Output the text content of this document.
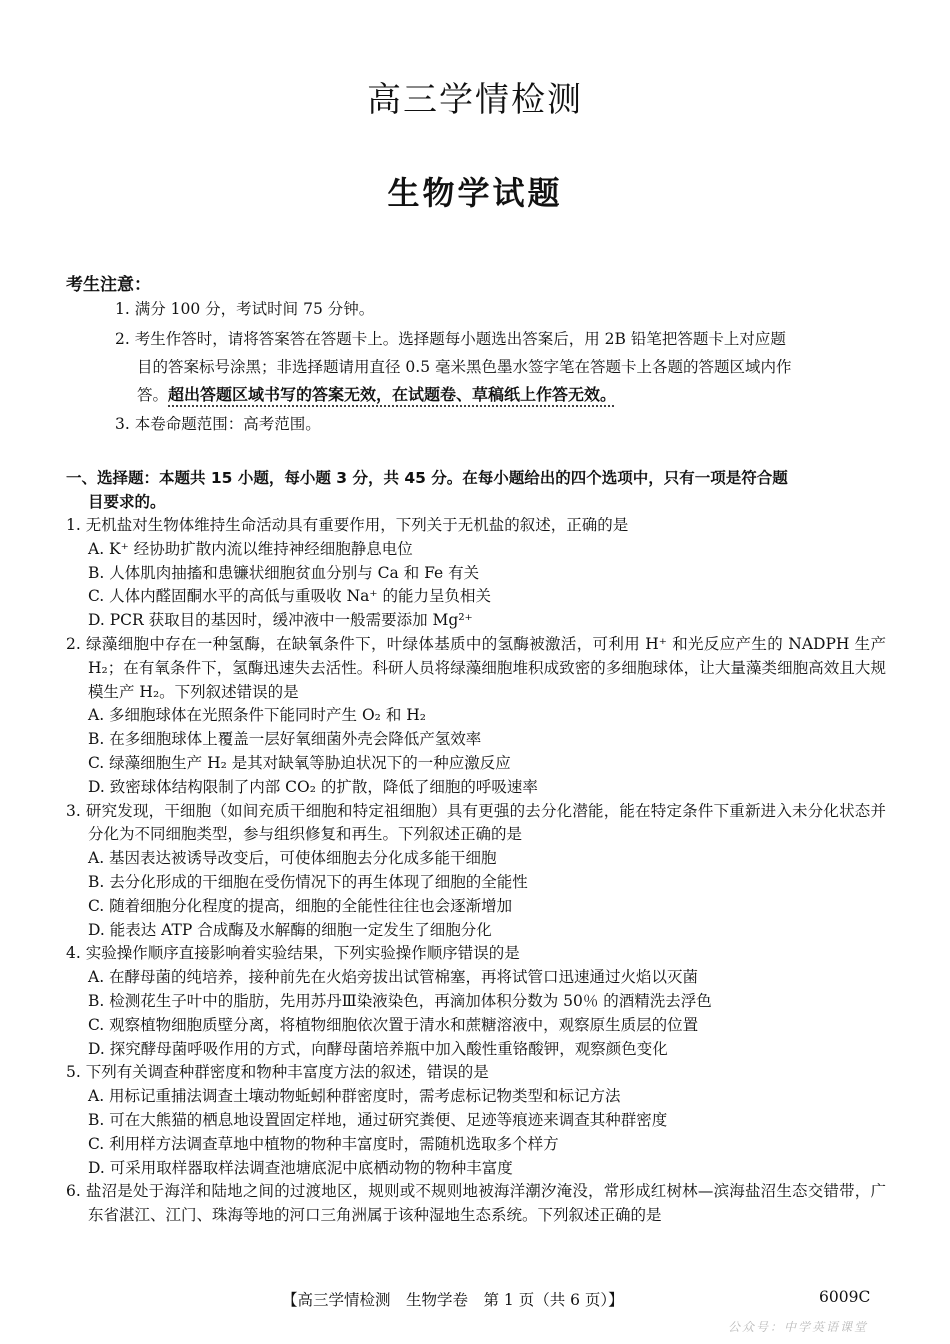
高三学情检测
生物学试题
考生注意：
1. 满分 100 分，考试时间 75 分钟。
2. 考生作答时，请将答案答在答题卡上。选择题每小题选出答案后，用 2B 铅笔把答题卡上对应题
目的答案标号涂黑；非选择题请用直径 0.5 毫米黑色墨水签字笔在答题卡上各题的答题区域内作
答。超出答题区域书写的答案无效，在试题卷、草稿纸上作答无效。
3. 本卷命题范围：高考范围。
一、选择题：本题共 15 小题，每小题 3 分，共 45 分。在每小题给出的四个选项中，只有一项是符合题
目要求的。
1. 无机盐对生物体维持生命活动具有重要作用，下列关于无机盐的叙述，正确的是
A. K⁺ 经协助扩散内流以维持神经细胞静息电位
B. 人体肌肉抽搐和患镰状细胞贫血分别与 Ca 和 Fe 有关
C. 人体内醛固酮水平的高低与重吸收 Na⁺ 的能力呈负相关
D. PCR 获取目的基因时，缓冲液中一般需要添加 Mg²⁺
2. 绿藻细胞中存在一种氢酶，在缺氧条件下，叶绿体基质中的氢酶被激活，可利用 H⁺ 和光反应产生的 NADPH 生产 H₂；在有氧条件下，氢酶迅速失去活性。科研人员将绿藻细胞堆积成致密的多细胞球体，让大量藻类细胞高效且大规模生产 H₂。下列叙述错误的是
A. 多细胞球体在光照条件下能同时产生 O₂ 和 H₂
B. 在多细胞球体上覆盖一层好氧细菌外壳会降低产氢效率
C. 绿藻细胞生产 H₂ 是其对缺氧等胁迫状况下的一种应激反应
D. 致密球体结构限制了内部 CO₂ 的扩散，降低了细胞的呼吸速率
3. 研究发现，干细胞（如间充质干细胞和特定祖细胞）具有更强的去分化潜能，能在特定条件下重新进入未分化状态并分化为不同细胞类型，参与组织修复和再生。下列叙述正确的是
A. 基因表达被诱导改变后，可使体细胞去分化成多能干细胞
B. 去分化形成的干细胞在受伤情况下的再生体现了细胞的全能性
C. 随着细胞分化程度的提高，细胞的全能性往往也会逐渐增加
D. 能表达 ATP 合成酶及水解酶的细胞一定发生了细胞分化
4. 实验操作顺序直接影响着实验结果，下列实验操作顺序错误的是
A. 在酵母菌的纯培养，接种前先在火焰旁拔出试管棉塞，再将试管口迅速通过火焰以灭菌
B. 检测花生子叶中的脂肪，先用苏丹Ⅲ染液染色，再滴加体积分数为 50％ 的酒精洗去浮色
C. 观察植物细胞质壁分离，将植物细胞依次置于清水和蔗糖溶液中，观察原生质层的位置
D. 探究酵母菌呼吸作用的方式，向酵母菌培养瓶中加入酸性重铬酸钾，观察颜色变化
5. 下列有关调查种群密度和物种丰富度方法的叙述，错误的是
A. 用标记重捕法调查土壤动物蚯蚓种群密度时，需考虑标记物类型和标记方法
B. 可在大熊猫的栖息地设置固定样地，通过研究粪便、足迹等痕迹来调查其种群密度
C. 利用样方法调查草地中植物的物种丰富度时，需随机选取多个样方
D. 可采用取样器取样法调查池塘底泥中底栖动物的物种丰富度
6. 盐沼是处于海洋和陆地之间的过渡地区，规则或不规则地被海洋潮汐淹没，常形成红树林—滨海盐沼生态交错带，广东省湛江、江门、珠海等地的河口三角洲属于该种湿地生态系统。下列叙述正确的是
【高三学情检测　生物学卷　第 1 页（共 6 页）】	6009C
公众号：中学英语课堂
